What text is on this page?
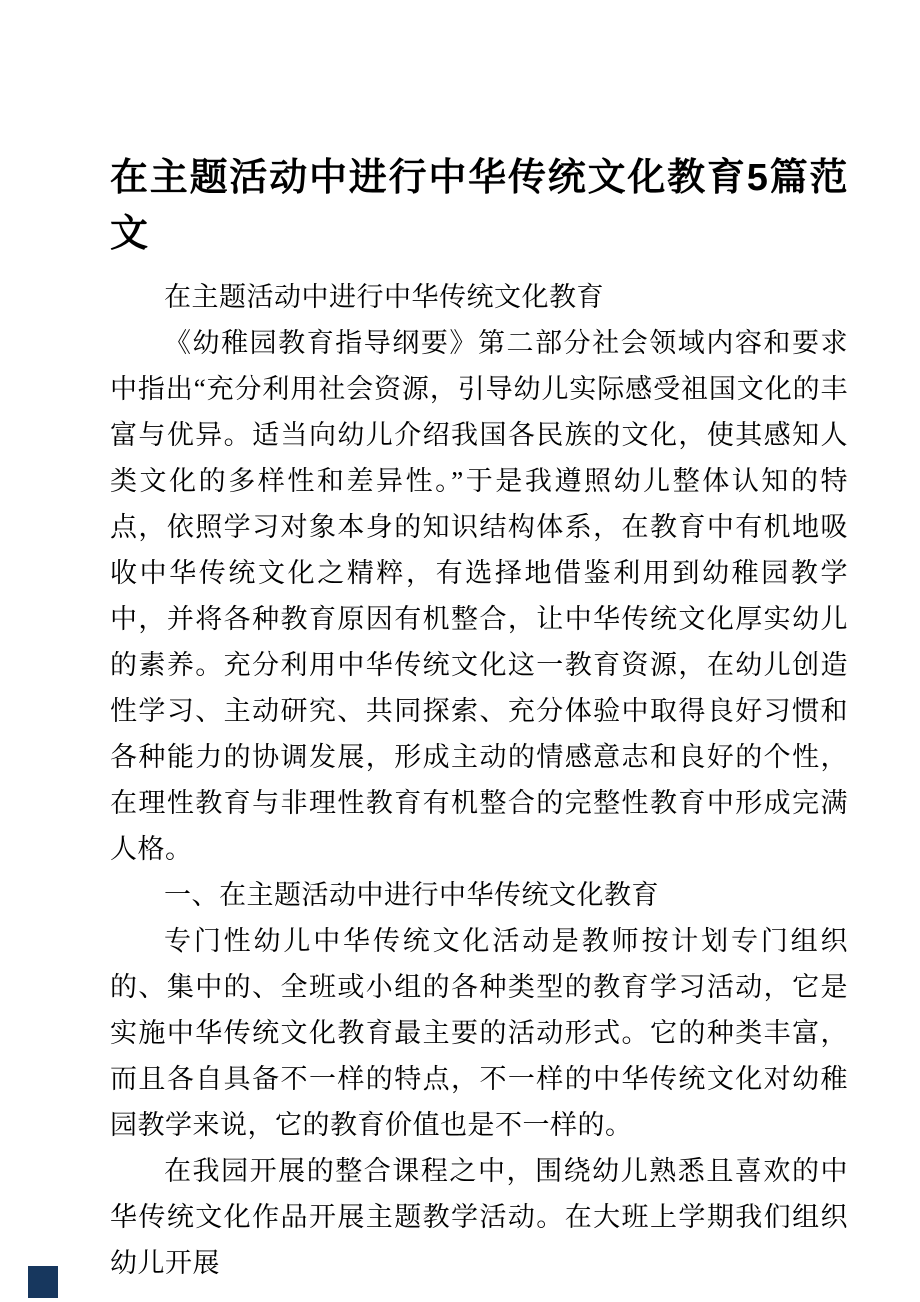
在主题活动中进行中华传统文化教育5篇范文

在主题活动中进行中华传统文化教育

《幼稚园教育指导纲要》第二部分社会领域内容和要求中指出“充分利用社会资源，引导幼儿实际感受祖国文化的丰富与优异。适当向幼儿介绍我国各民族的文化，使其感知人类文化的多样性和差异性。”于是我遵照幼儿整体认知的特点，依照学习对象本身的知识结构体系，在教育中有机地吸收中华传统文化之精粹，有选择地借鉴利用到幼稚园教学中，并将各种教育原因有机整合，让中华传统文化厚实幼儿的素养。充分利用中华传统文化这一教育资源，在幼儿创造性学习、主动研究、共同探索、充分体验中取得良好习惯和各种能力的协调发展，形成主动的情感意志和良好的个性，在理性教育与非理性教育有机整合的完整性教育中形成完满人格。

一、在主题活动中进行中华传统文化教育

专门性幼儿中华传统文化活动是教师按计划专门组织的、集中的、全班或小组的各种类型的教育学习活动，它是实施中华传统文化教育最主要的活动形式。它的种类丰富，而且各自具备不一样的特点，不一样的中华传统文化对幼稚园教学来说，它的教育价值也是不一样的。

在我园开展的整合课程之中，围绕幼儿熟悉且喜欢的中华传统文化作品开展主题教学活动。在大班上学期我们组织幼儿开展
